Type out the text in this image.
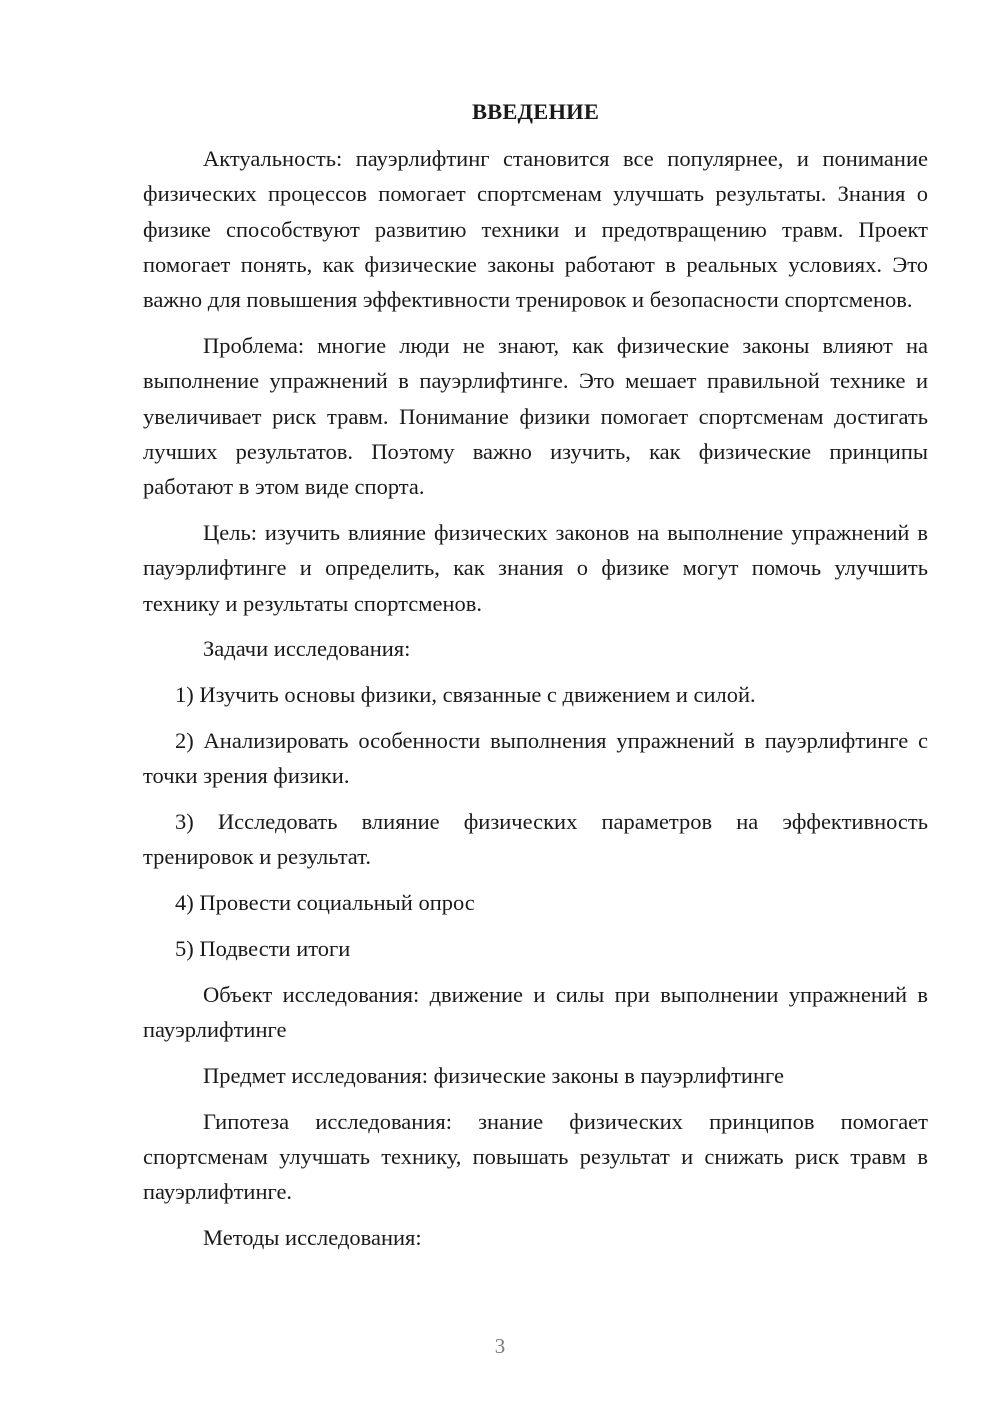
ВВЕДЕНИЕ

Актуальность: пауэрлифтинг становится все популярнее, и понимание физических процессов помогает спортсменам улучшать результаты. Знания о физике способствуют развитию техники и предотвращению травм. Проект помогает понять, как физические законы работают в реальных условиях. Это важно для повышения эффективности тренировок и безопасности спортсменов.

Проблема: многие люди не знают, как физические законы влияют на выполнение упражнений в пауэрлифтинге. Это мешает правильной технике и увеличивает риск травм. Понимание физики помогает спортсменам достигать лучших результатов. Поэтому важно изучить, как физические принципы работают в этом виде спорта.

Цель: изучить влияние физических законов на выполнение упражнений в пауэрлифтинге и определить, как знания о физике могут помочь улучшить технику и результаты спортсменов.

Задачи исследования:

1) Изучить основы физики, связанные с движением и силой.

2) Анализировать особенности выполнения упражнений в пауэрлифтинге с точки зрения физики.

3) Исследовать влияние физических параметров на эффективность тренировок и результат.

4) Провести социальный опрос

5) Подвести итоги

Объект исследования: движение и силы при выполнении упражнений в пауэрлифтинге

Предмет исследования: физические законы в пауэрлифтинге

Гипотеза исследования: знание физических принципов помогает спортсменам улучшать технику, повышать результат и снижать риск травм в пауэрлифтинге.

Методы исследования:

3
